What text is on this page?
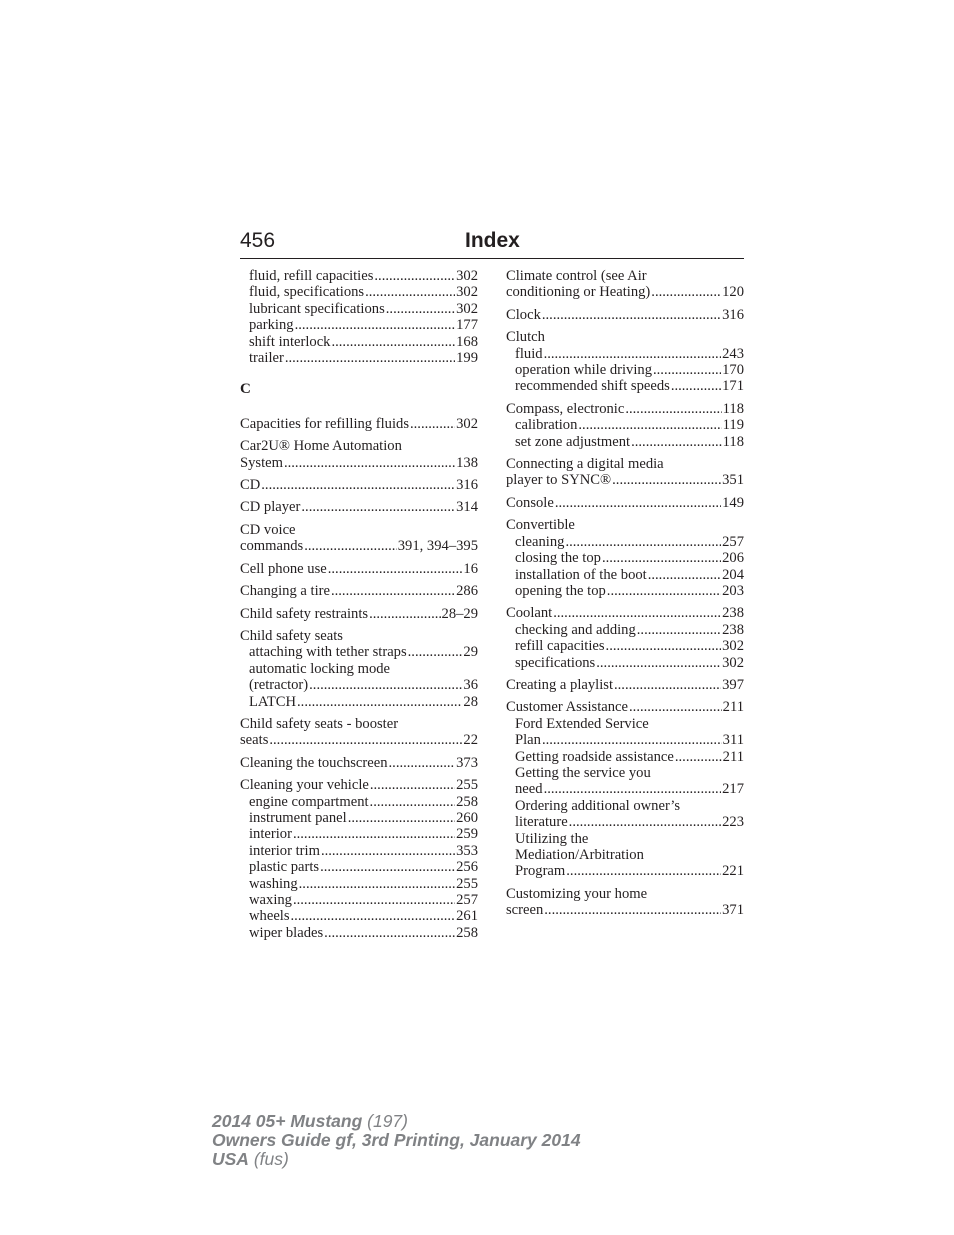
456	Index
fluid, refill capacities .....	302
fluid, specifications .....	302
lubricant specifications .....	302
parking .....	177
shift interlock .....	168
trailer .....	199
C
Capacities for refilling fluids .....	302
Car2U® Home Automation
System .....	138
CD .....	316
CD player .....	314
CD voice
commands .....	391, 394–395
Cell phone use .....	16
Changing a tire .....	286
Child safety restraints .....	28–29
Child safety seats
attaching with tether straps .....	29
automatic locking mode
(retractor) .....	36
LATCH .....	28
Child safety seats - booster
seats .....	22
Cleaning the touchscreen .....	373
Cleaning your vehicle .....	255
engine compartment .....	258
instrument panel .....	260
interior .....	259
interior trim .....	353
plastic parts .....	256
washing .....	255
waxing .....	257
wheels .....	261
wiper blades .....	258
Climate control (see Air
conditioning or Heating) .....	120
Clock .....	316
Clutch
fluid .....	243
operation while driving .....	170
recommended shift speeds .....	171
Compass, electronic .....	118
calibration .....	119
set zone adjustment .....	118
Connecting a digital media
player to SYNC® .....	351
Console .....	149
Convertible
cleaning .....	257
closing the top .....	206
installation of the boot .....	204
opening the top .....	203
Coolant .....	238
checking and adding .....	238
refill capacities .....	302
specifications .....	302
Creating a playlist .....	397
Customer Assistance .....	211
Ford Extended Service
Plan .....	311
Getting roadside assistance .....	211
Getting the service you
need .....	217
Ordering additional owner’s
literature .....	223
Utilizing the
Mediation/Arbitration
Program .....	221
Customizing your home
screen .....	371
2014 05+ Mustang (197)
Owners Guide gf, 3rd Printing, January 2014
USA (fus)
